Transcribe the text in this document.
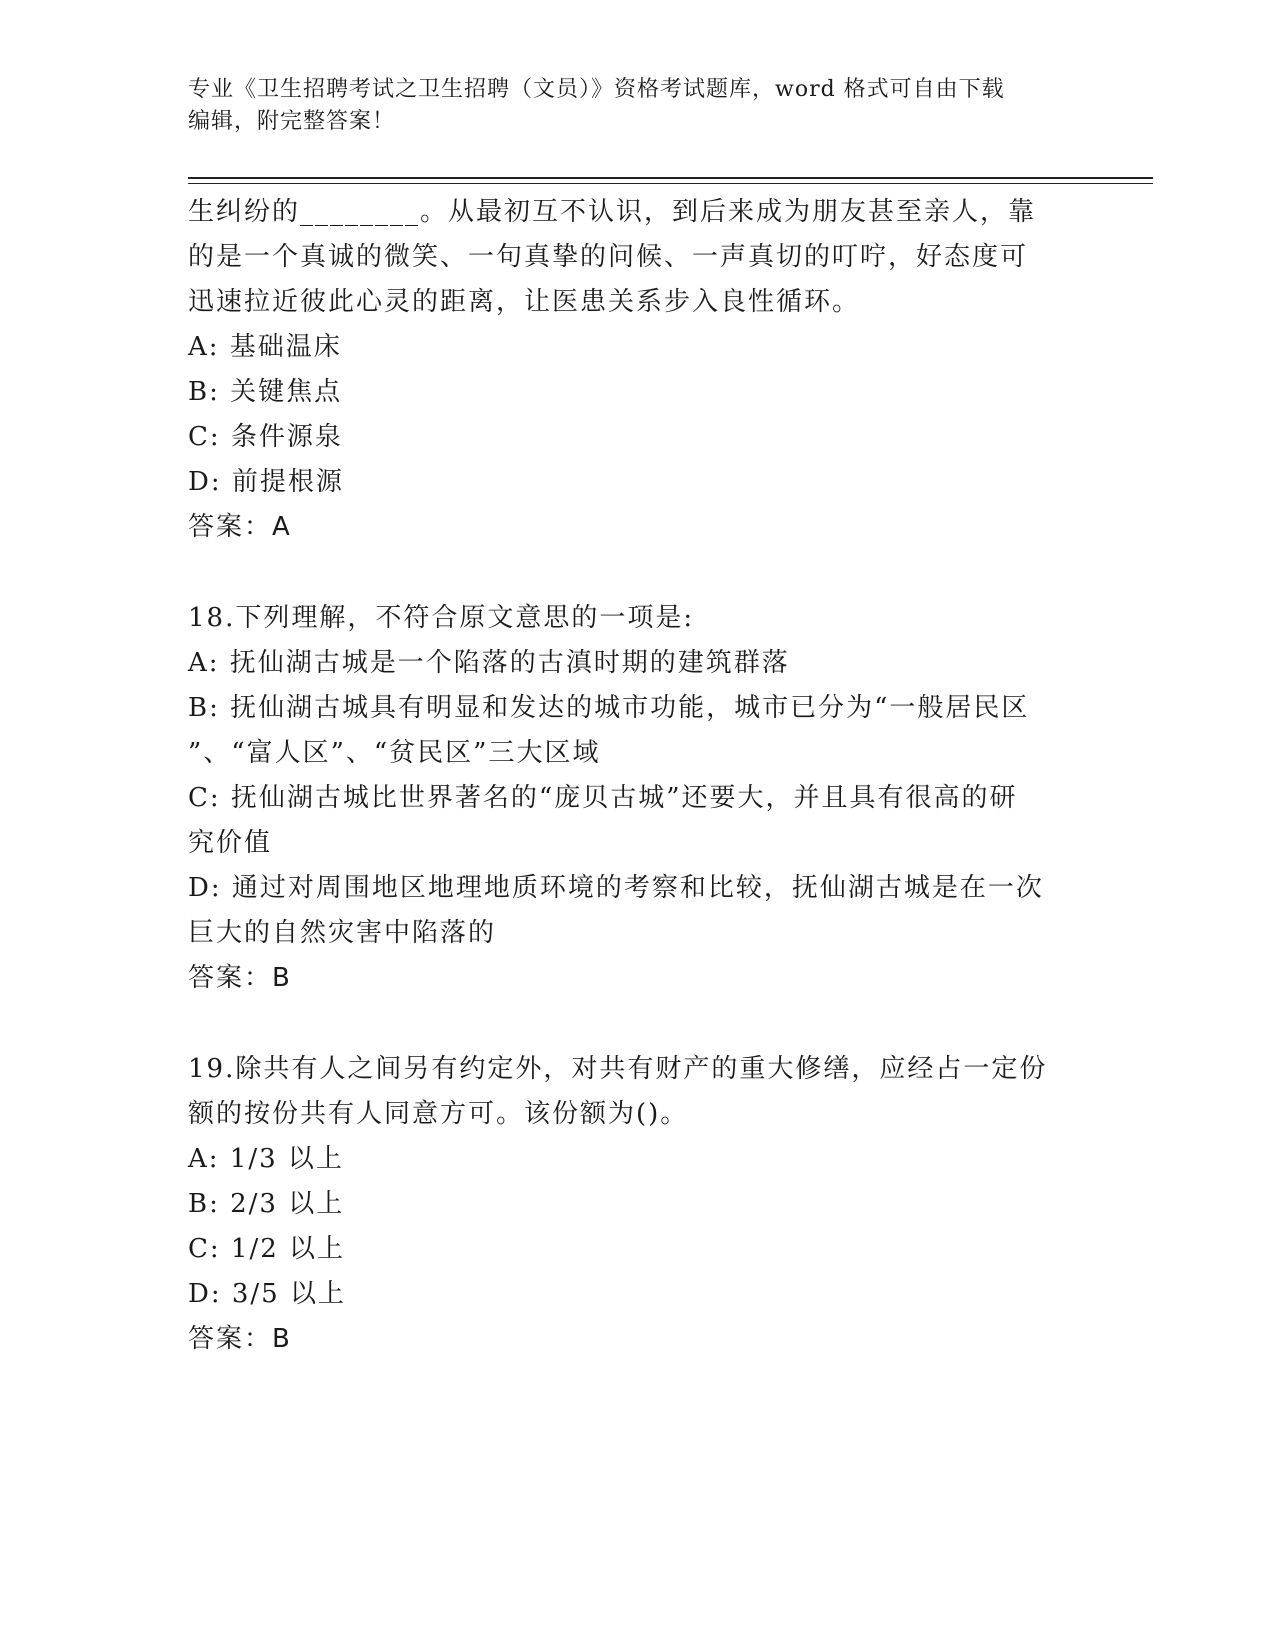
专业《卫生招聘考试之卫生招聘（文员）》资格考试题库，word 格式可自由下载
编辑，附完整答案！

生纠纷的________。从最初互不认识，到后来成为朋友甚至亲人，靠

的是一个真诚的微笑、一句真挚的问候、一声真切的叮咛，好态度可

迅速拉近彼此心灵的距离，让医患关系步入良性循环。

A: 基础温床

B: 关键焦点

C: 条件源泉

D: 前提根源

答案：A

18.下列理解，不符合原文意思的一项是:

A: 抚仙湖古城是一个陷落的古滇时期的建筑群落

B: 抚仙湖古城具有明显和发达的城市功能，城市已分为“一般居民区

”、“富人区”、“贫民区”三大区域

C: 抚仙湖古城比世界著名的“庞贝古城”还要大，并且具有很高的研

究价值

D: 通过对周围地区地理地质环境的考察和比较，抚仙湖古城是在一次

巨大的自然灾害中陷落的

答案：B

19.除共有人之间另有约定外，对共有财产的重大修缮，应经占一定份

额的按份共有人同意方可。该份额为()。

A: 1/3 以上

B: 2/3 以上

C: 1/2 以上

D: 3/5 以上

答案：B
